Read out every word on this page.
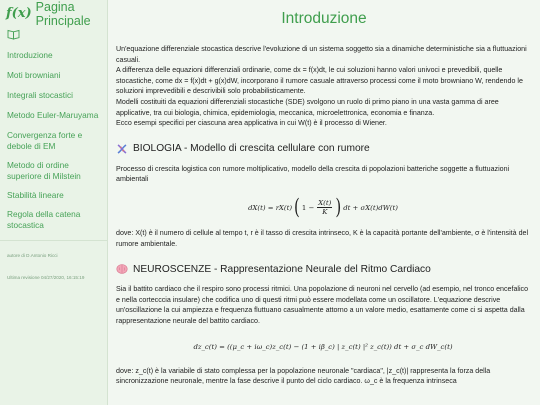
f(x) Pagina Principale
Introduzione
Moti browniani
Integrali stocastici
Metodo Euler-Maruyama
Convergenza forte e debole di EM
Metodo di ordine superiore di Milstein
Stabilità lineare
Regola della catena stocastica
autore di D.Antonio Ricci
Ultima revisione 04/27/2020, 16:15:19
Introduzione

Un'equazione differenziale stocastica descrive l'evoluzione di un sistema soggetto sia a dinamiche deterministiche sia a fluttuazioni casuali.

A differenza delle equazioni differenziali ordinarie, come dx = f(x)dt, le cui soluzioni hanno valori univoci e prevedibili, quelle stocastiche, come dx = f(x)dt + g(x)dW, incorporano il rumore casuale attraverso processi come il moto browniano W, rendendo le soluzioni imprevedibili e descrivibili solo probabilisticamente.

Modelli costituiti da equazioni differenziali stocastiche (SDE) svolgono un ruolo di primo piano in una vasta gamma di aree applicative, tra cui biologia, chimica, epidemiologia, meccanica, microelettronica, economia e finanza.

Ecco esempi specifici per ciascuna area applicativa in cui W(t) è il processo di Wiener.

BIOLOGIA - Modello di crescita cellulare con rumore

Processo di crescita logistica con rumore moltiplicativo, modello della crescita di popolazioni batteriche soggette a fluttuazioni ambientali

dX(t) = rX(t) ( $1 - \frac{X(t)}{K}$ ) dt + σX(t)dW(t)

dove: X(t) è il numero di cellule al tempo t, r è il tasso di crescita intrinseco, K è la capacità portante dell'ambiente, σ è l'intensità del rumore ambientale.

NEUROSCENZE - Rappresentazione Neurale del Ritmo Cardiaco

Sia il battito cardiaco che il respiro sono processi ritmici. Una popolazione di neuroni nel cervello (ad esempio, nel tronco encefalico e nella cortecccia insulare) che codifica uno di questi ritmi può essere modellata come un oscillatore. L'equazione descrive un'oscillazione la cui ampiezza e frequenza fluttuano casualmente attorno a un valore medio, esattamente come ci si aspetta dalla rappresentazione neurale del battito cardiaco.

dz_c(t) = ((μ_c + iω_c)z_c(t) − (1 + iβ_c) | z_c(t) |² z_c(t)) dt + σ_c dW_c(t)

dove: z_c(t) è la variabile di stato complessa per la popolazione neuronale "cardiaca", |z_c(t)| rappresenta la forza della sincronizzazione neuronale, mentre la fase descrive il punto del ciclo cardiaco. ω_c è la frequenza intrinseca
